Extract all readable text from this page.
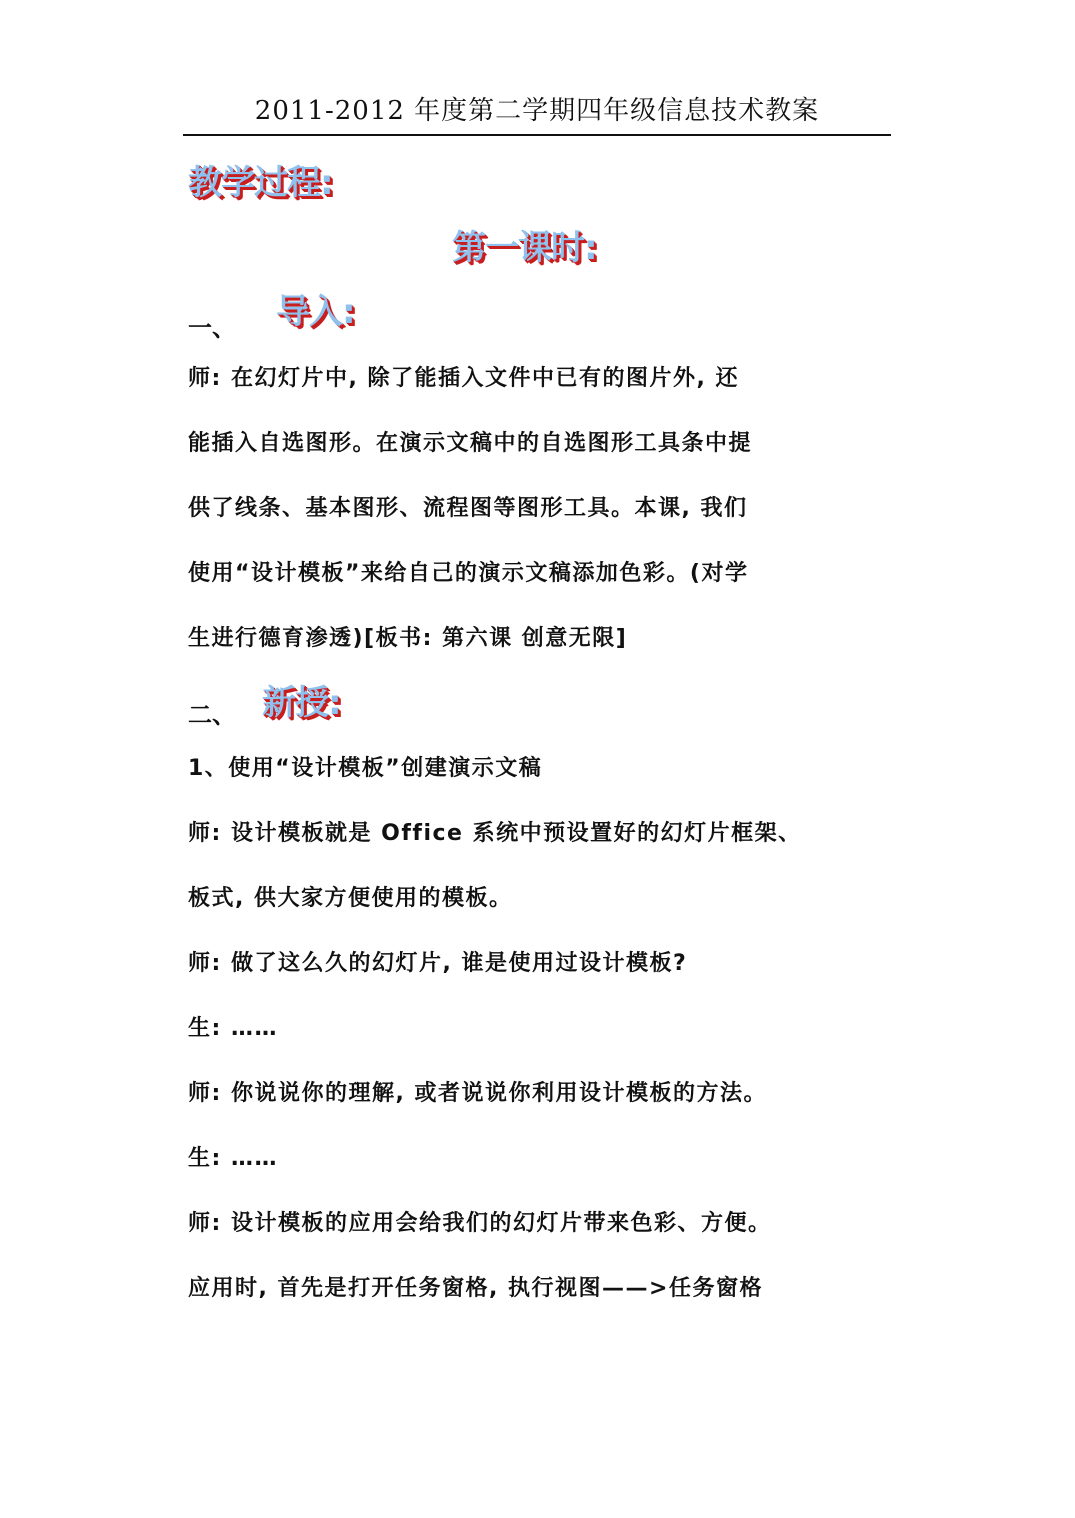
2011-2012 年度第二学期四年级信息技术教案
教学过程:
第一课时:
一、 导入:
师: 在幻灯片中, 除了能插入文件中已有的图片外, 还
能插入自选图形。在演示文稿中的自选图形工具条中提
供了线条、基本图形、流程图等图形工具。本课, 我们
使用“设计模板”来给自己的演示文稿添加色彩。(对学
生进行德育渗透)[板书: 第六课 创意无限]
二、 新授:
1、使用“设计模板”创建演示文稿
师: 设计模板就是 Office 系统中预设置好的幻灯片框架、
板式, 供大家方便使用的模板。
师: 做了这么久的幻灯片, 谁是使用过设计模板?
生: ……
师: 你说说你的理解, 或者说说你利用设计模板的方法。
生: ……
师: 设计模板的应用会给我们的幻灯片带来色彩、方便。
应用时, 首先是打开任务窗格, 执行视图——>任务窗格
